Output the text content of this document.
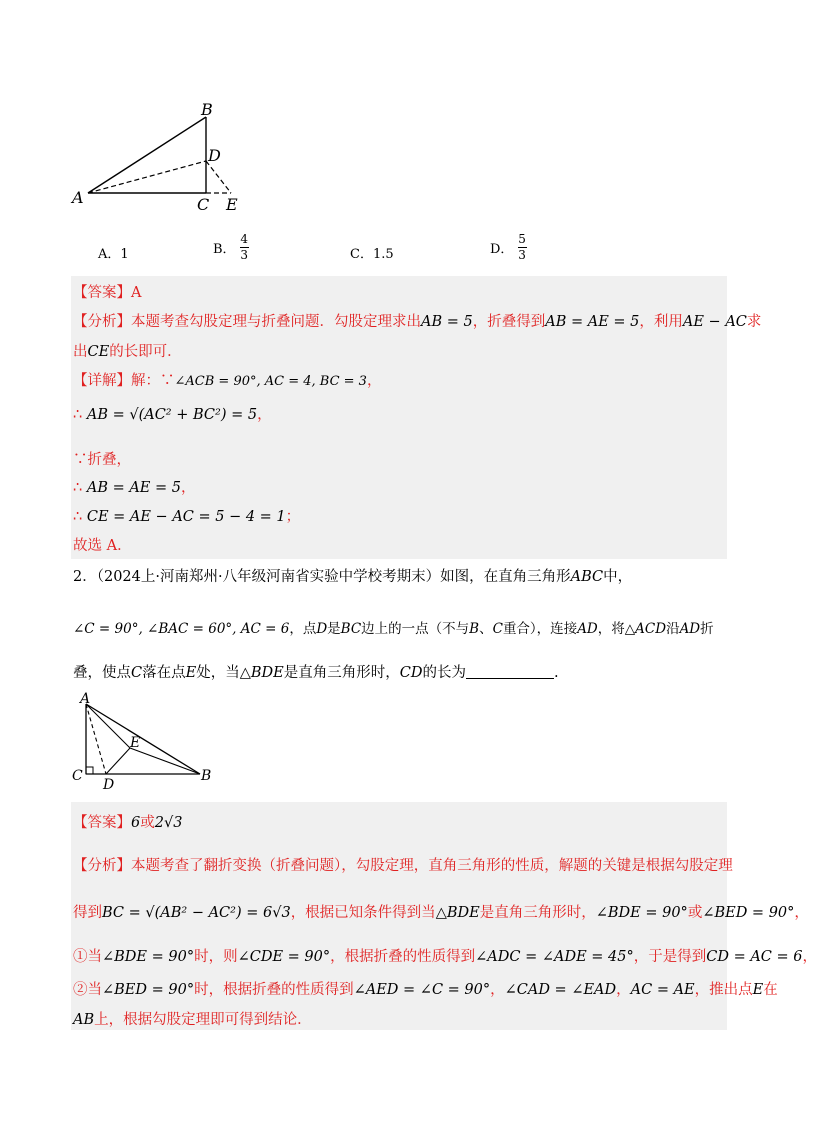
B
D
A	C E
A．1	B． $\frac{4}{3}$	C．1.5	D． $\frac{5}{3}$
【答案】A
【分析】本题考查勾股定理与折叠问题．勾股定理求出AB = 5，折叠得到AB = AE = 5，利用AE − AC求
出CE的长即可．
【详解】解：∵∠ACB = 90°, AC = 4, BC = 3，
∴ AB = √(AC² + BC²) = 5，
∵折叠，
∴ AB = AE = 5，
∴ CE = AE − AC = 5 − 4 = 1；
故选 A．
2．（2024上·河南郑州·八年级河南省实验中学校考期末）如图，在直角三角形ABC中，
∠C = 90°, ∠BAC = 60°, AC = 6，点D是BC边上的一点（不与B、C重合），连接AD，将△ACD沿AD折
叠，使点C落在点E处，当△BDE是直角三角形时，CD的长为	.
A
E
C
D
B
【答案】6或2√3
【分析】本题考查了翻折变换（折叠问题），勾股定理，直角三角形的性质，解题的关键是根据勾股定理
得到BC = √(AB² − AC²) = 6√3，根据已知条件得到当△BDE是直角三角形时，∠BDE = 90°或∠BED = 90°，
①当∠BDE = 90°时，则∠CDE = 90°，根据折叠的性质得到∠ADC = ∠ADE = 45°，于是得到CD = AC = 6，
②当∠BED = 90°时，根据折叠的性质得到∠AED = ∠C = 90°，∠CAD = ∠EAD，AC = AE，推出点E在
AB上，根据勾股定理即可得到结论．
